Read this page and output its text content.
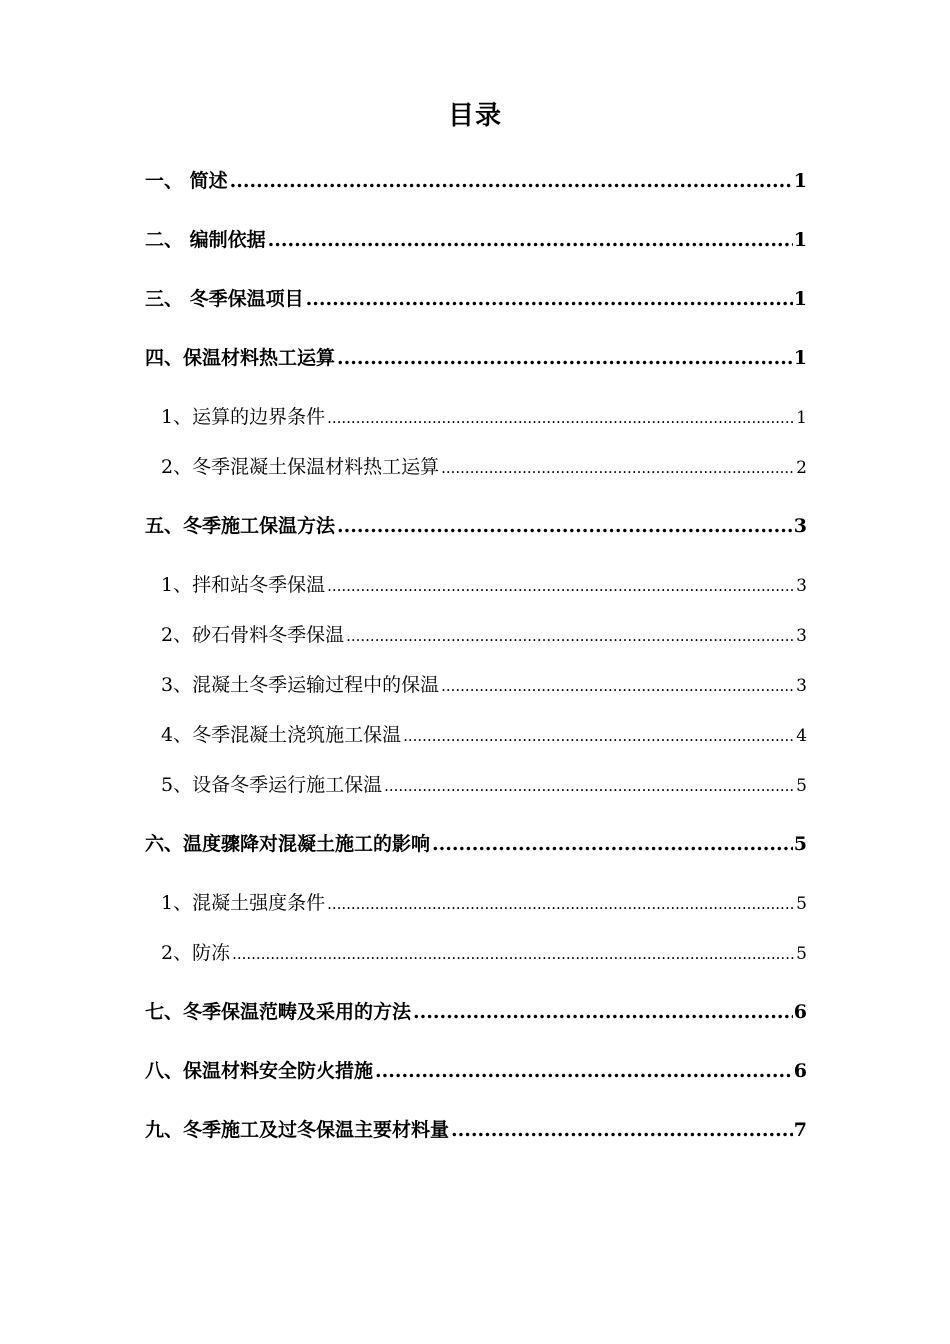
目录
一、 简述 .....	1
二、 编制依据 .....	1
三、 冬季保温项目 .....	1
四、保温材料热工运算 .....	1
1、运算的边界条件 .....	1
2、冬季混凝土保温材料热工运算 .....	2
五、冬季施工保温方法 .....	3
1、拌和站冬季保温 .....	3
2、砂石骨料冬季保温 .....	3
3、混凝土冬季运输过程中的保温 .....	3
4、冬季混凝土浇筑施工保温 .....	4
5、设备冬季运行施工保温 .....	5
六、温度骤降对混凝土施工的影响 .....	5
1、混凝土强度条件 .....	5
2、防冻 .....	5
七、冬季保温范畴及采用的方法 .....	6
八、保温材料安全防火措施 .....	6
九、冬季施工及过冬保温主要材料量 .....	7
